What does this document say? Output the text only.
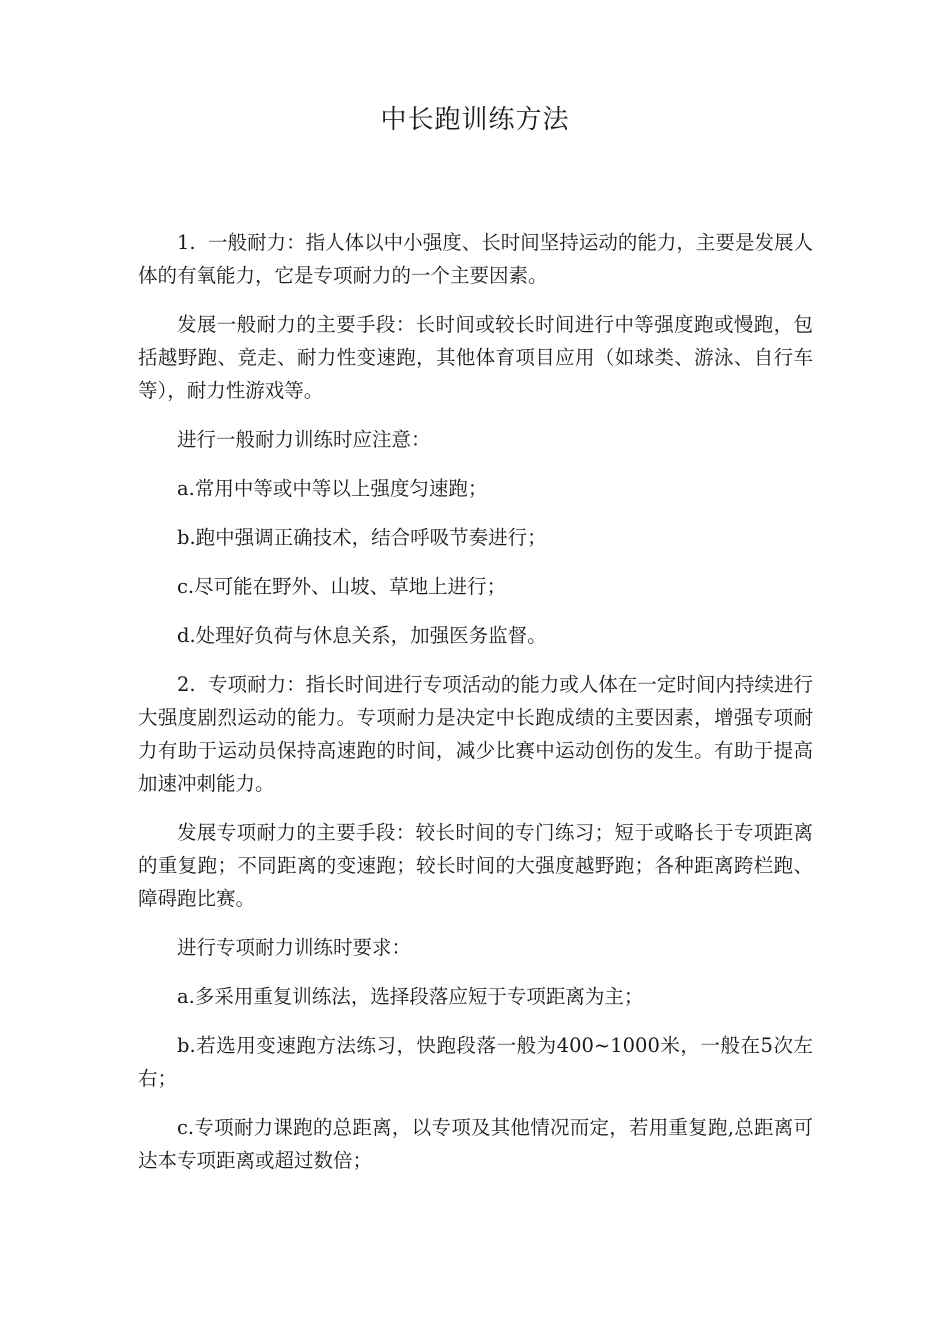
中长跑训练方法

1.  一般耐力：指人体以中小强度、长时间坚持运动的能力，主要是发展人体的有氧能力，它是专项耐力的一个主要因素。

发展一般耐力的主要手段：长时间或较长时间进行中等强度跑或慢跑，包括越野跑、竞走、耐力性变速跑，其他体育项目应用（如球类、游泳、自行车等），耐力性游戏等。

进行一般耐力训练时应注意：

a.常用中等或中等以上强度匀速跑；

b.跑中强调正确技术，结合呼吸节奏进行；

c.尽可能在野外、山坡、草地上进行；

d.处理好负荷与休息关系，加强医务监督。

2.  专项耐力：指长时间进行专项活动的能力或人体在一定时间内持续进行大强度剧烈运动的能力。专项耐力是决定中长跑成绩的主要因素，增强专项耐力有助于运动员保持高速跑的时间，减少比赛中运动创伤的发生。有助于提高加速冲刺能力。

发展专项耐力的主要手段：较长时间的专门练习；短于或略长于专项距离的重复跑；不同距离的变速跑；较长时间的大强度越野跑；各种距离跨栏跑、障碍跑比赛。

进行专项耐力训练时要求：

a.多采用重复训练法，选择段落应短于专项距离为主；

b.若选用变速跑方法练习，快跑段落一般为400~1000米，一般在5次左右；

c.专项耐力课跑的总距离，以专项及其他情况而定，若用重复跑,总距离可达本专项距离或超过数倍；
